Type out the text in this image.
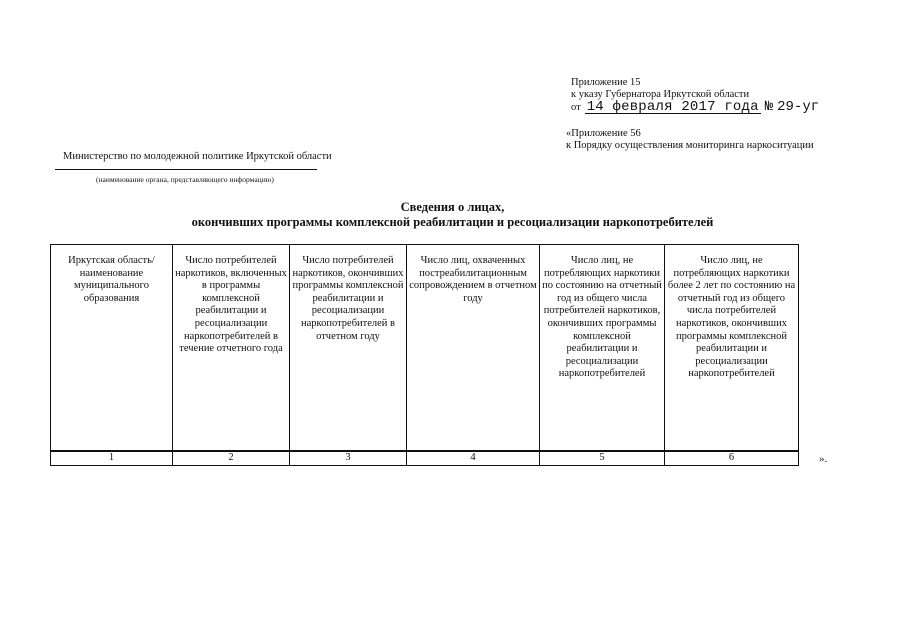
Приложение 15
к указу Губернатора Иркутской области
от 14 февраля 2017 года № 29-уг
«Приложение 56
к Порядку осуществления мониторинга наркоситуации
Министерство по молодежной политике Иркутской области
(наименование органа, представляющего информацию)
Сведения о лицах,
окончивших программы комплексной реабилитации и ресоциализации наркопотребителей
Иркутская область/ наименование муниципального образования	Число потребителей наркотиков, включенных в программы комплексной реабилитации и ресоциализации наркопотребителей в течение отчетного года	Число потребителей наркотиков, окончивших программы комплексной реабилитации и ресоциализации наркопотребителей в отчетном году	Число лиц, охваченных постреабилитационным сопровождением в отчетном году	Число лиц, не потребляющих наркотики по состоянию на отчетный год из общего числа потребителей наркотиков, окончивших программы комплексной реабилитации и ресоциализации наркопотребителей	Число лиц, не потребляющих наркотики более 2 лет по состоянию на отчетный год из общего числа потребителей наркотиков, окончивших программы комплексной реабилитации и ресоциализации наркопотребителей
1	2	3	4	5	6	».
